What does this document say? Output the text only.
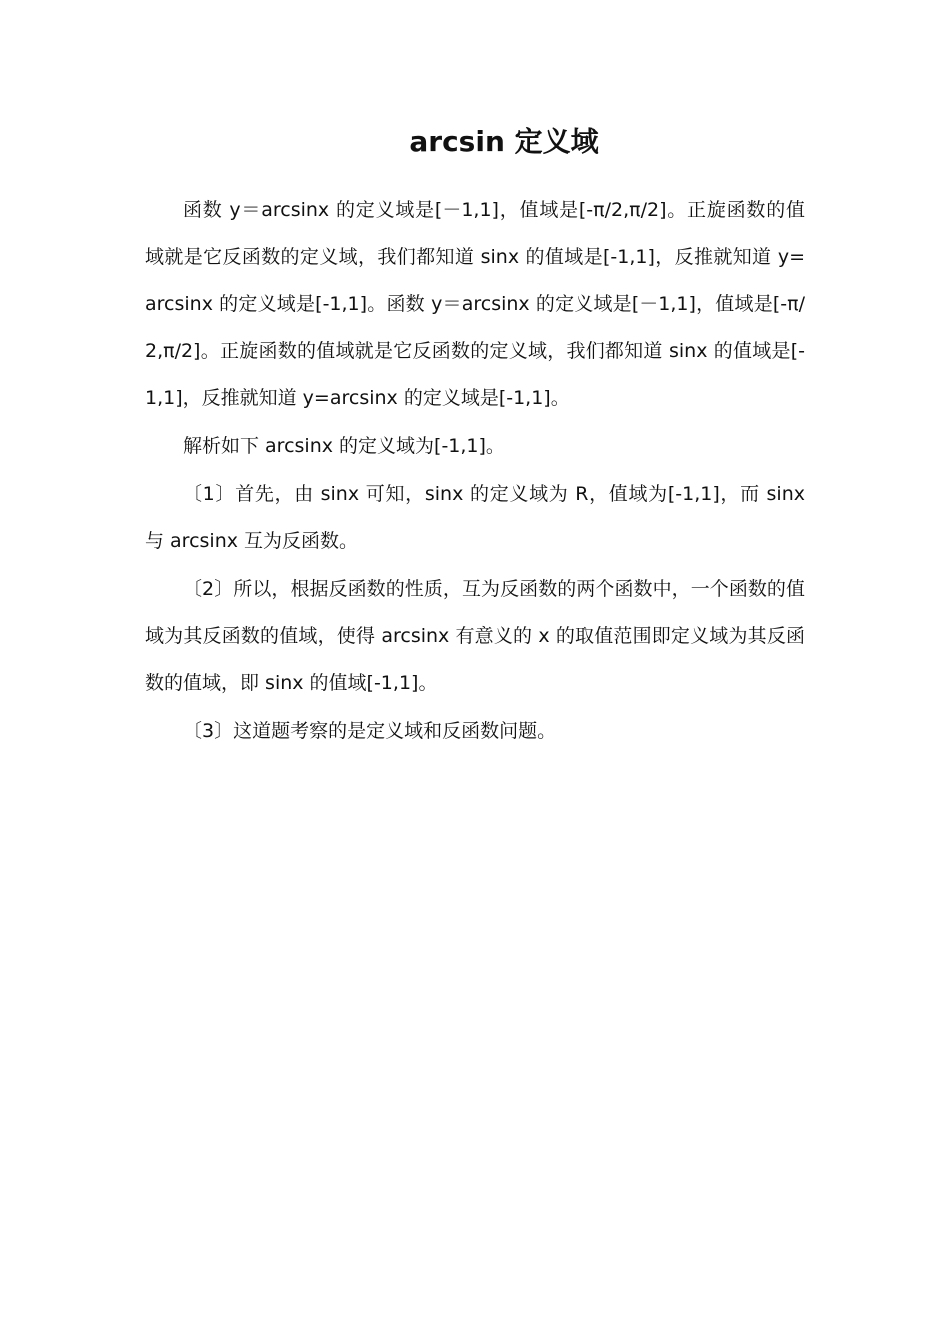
arcsin 定义域

函数 y＝arcsinx 的定义域是[－1,1]，值域是[-π/2,π/2]。正旋函数的值域就是它反函数的定义域，我们都知道 sinx 的值域是[-1,1]，反推就知道 y=arcsinx 的定义域是[-1,1]。函数 y＝arcsinx 的定义域是[－1,1]，值域是[-π/2,π/2]。正旋函数的值域就是它反函数的定义域，我们都知道 sinx 的值域是[-1,1]，反推就知道 y=arcsinx 的定义域是[-1,1]。

解析如下 arcsinx 的定义域为[-1,1]。

〔1〕首先，由 sinx 可知，sinx 的定义域为 R，值域为[-1,1]，而 sinx 与 arcsinx 互为反函数。

〔2〕所以，根据反函数的性质，互为反函数的两个函数中，一个函数的值域为其反函数的值域，使得 arcsinx 有意义的 x 的取值范围即定义域为其反函数的值域，即 sinx 的值域[-1,1]。

〔3〕这道题考察的是定义域和反函数问题。
